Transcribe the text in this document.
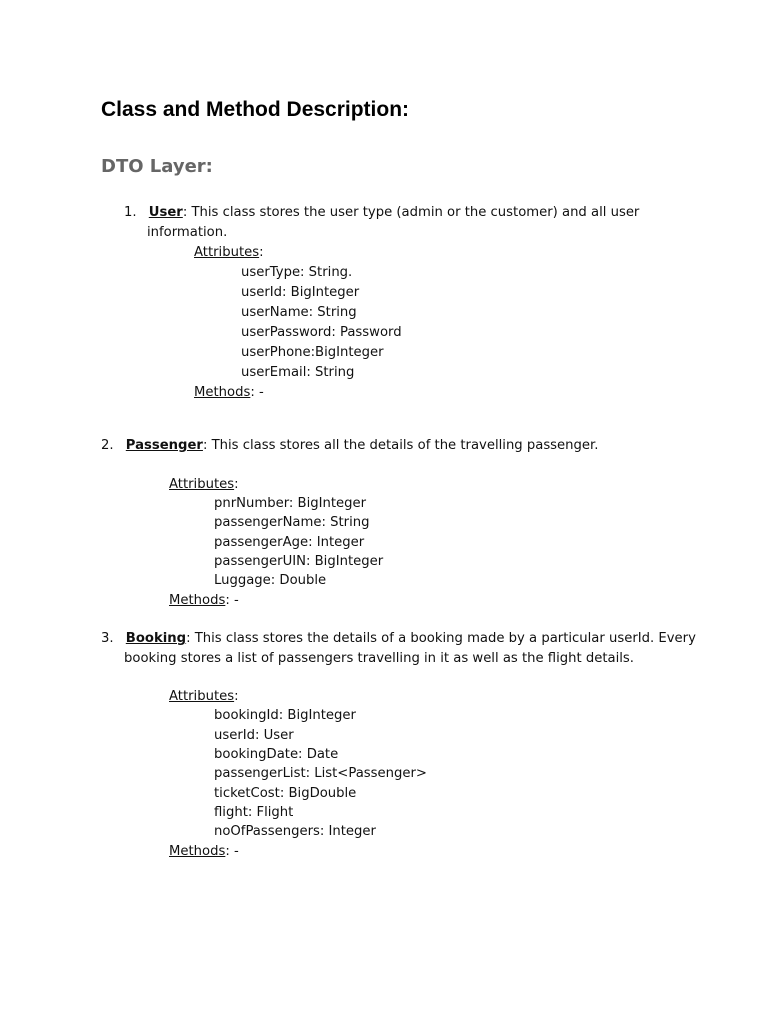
Class and Method Description:
DTO Layer:
1. User: This class stores the user type (admin or the customer) and all user
information.
Attributes:
userType: String.
userId: BigInteger
userName: String
userPassword: Password
userPhone:BigInteger
userEmail: String
Methods: -
2. Passenger: This class stores all the details of the travelling passenger.
Attributes:
pnrNumber: BigInteger
passengerName: String
passengerAge: Integer
passengerUIN: BigInteger
Luggage: Double
Methods: -
3. Booking: This class stores the details of a booking made by a particular userId. Every
booking stores a list of passengers travelling in it as well as the flight details.
Attributes:
bookingId: BigInteger
userId: User
bookingDate: Date
passengerList: List<Passenger>
ticketCost: BigDouble
flight: Flight
noOfPassengers: Integer
Methods: -
